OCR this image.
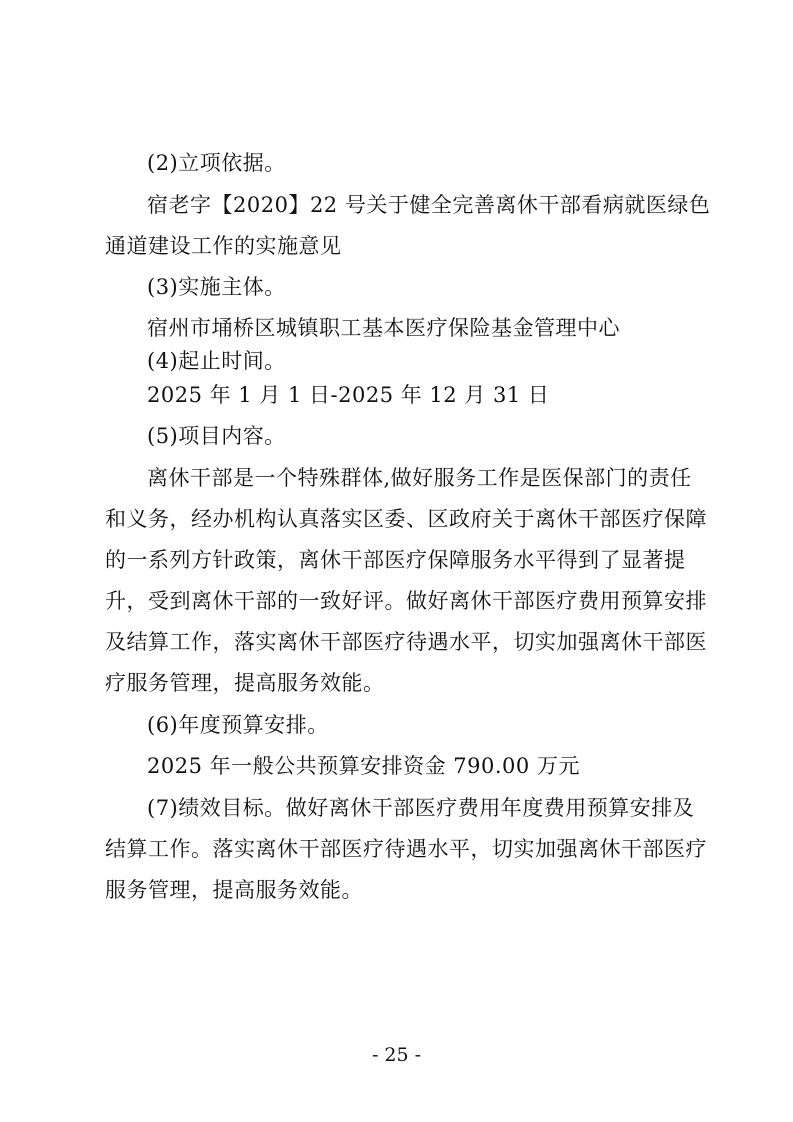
(2)立项依据。
宿老字【2020】22 号关于健全完善离休干部看病就医绿色
通道建设工作的实施意见
(3)实施主体。
宿州市埇桥区城镇职工基本医疗保险基金管理中心
(4)起止时间。
2025 年 1 月 1 日-2025 年 12 月 31 日
(5)项目内容。
离休干部是一个特殊群体,做好服务工作是医保部门的责任
和义务，经办机构认真落实区委、区政府关于离休干部医疗保障
的一系列方针政策，离休干部医疗保障服务水平得到了显著提
升，受到离休干部的一致好评。做好离休干部医疗费用预算安排
及结算工作，落实离休干部医疗待遇水平，切实加强离休干部医
疗服务管理，提高服务效能。
(6)年度预算安排。
2025 年一般公共预算安排资金 790.00 万元
(7)绩效目标。做好离休干部医疗费用年度费用预算安排及
结算工作。落实离休干部医疗待遇水平，切实加强离休干部医疗
服务管理，提高服务效能。
- 25 -
